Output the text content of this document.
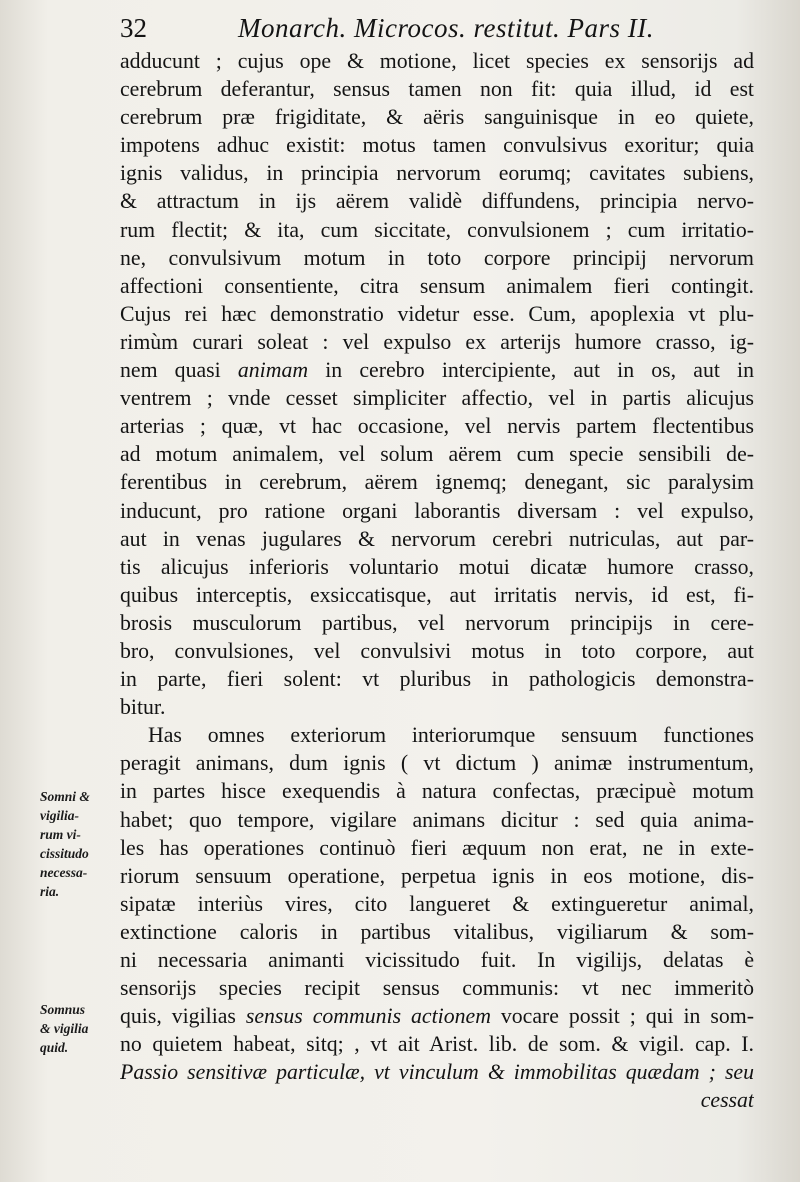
32	Monarch. Microcos. restitut. Pars II.
adducunt ; cujus ope & motione, licet species ex sensorijs ad
cerebrum deferantur, sensus tamen non fit: quia illud, id est
cerebrum præ frigiditate, & aëris sanguinisque in eo quiete,
impotens adhuc existit: motus tamen convulsivus exoritur; quia
ignis validus, in principia nervorum eorumq; cavitates subiens,
& attractum in ijs aërem validè diffundens, principia nervo-
rum flectit; & ita, cum siccitate, convulsionem ; cum irritatio-
ne, convulsivum motum in toto corpore principij nervorum
affectioni consentiente, citra sensum animalem fieri contingit.
Cujus rei hæc demonstratio videtur esse. Cum, apoplexia vt plu-
rimùm curari soleat : vel expulso ex arterijs humore crasso, ig-
nem quasi animam in cerebro intercipiente, aut in os, aut in
ventrem ; vnde cesset simpliciter affectio, vel in partis alicujus
arterias ; quæ, vt hac occasione, vel nervis partem flectentibus
ad motum animalem, vel solum aërem cum specie sensibili de-
ferentibus in cerebrum, aërem ignemq; denegant, sic paralysim
inducunt, pro ratione organi laborantis diversam : vel expulso,
aut in venas jugulares & nervorum cerebri nutriculas, aut par-
tis alicujus inferioris voluntario motui dicatæ humore crasso,
quibus interceptis, exsiccatisque, aut irritatis nervis, id est, fi-
brosis musculorum partibus, vel nervorum principijs in cere-
bro, convulsiones, vel convulsivi motus in toto corpore, aut
in parte, fieri solent: vt pluribus in pathologicis demonstra-
bitur.
Has omnes exteriorum interiorumque sensuum functiones
peragit animans, dum ignis ( vt dictum ) animæ instrumentum,
in partes hisce exequendis à natura confectas, præcipuè motum
habet; quo tempore, vigilare animans dicitur : sed quia anima-
les has operationes continuò fieri æquum non erat, ne in exte-
riorum sensuum operatione, perpetua ignis in eos motione, dis-
sipatæ interiùs vires, cito langueret & extingueretur animal,
extinctione caloris in partibus vitalibus, vigiliarum & som-
ni necessaria animanti vicissitudo fuit. In vigilijs, delatas è
sensorijs species recipit sensus communis: vt nec immeritò
quis, vigilias sensus communis actionem vocare possit ; qui in som-
no quietem habeat, sitq; , vt ait Arist. lib. de som. & vigil. cap. I.
Passio sensitivæ particulæ, vt vinculum & immobilitas quædam ; seu
cessat
Somni &
vigilia-
rum vi-
cissitudo
necessa-
ria.
Somnus
& vigilia
quid.
